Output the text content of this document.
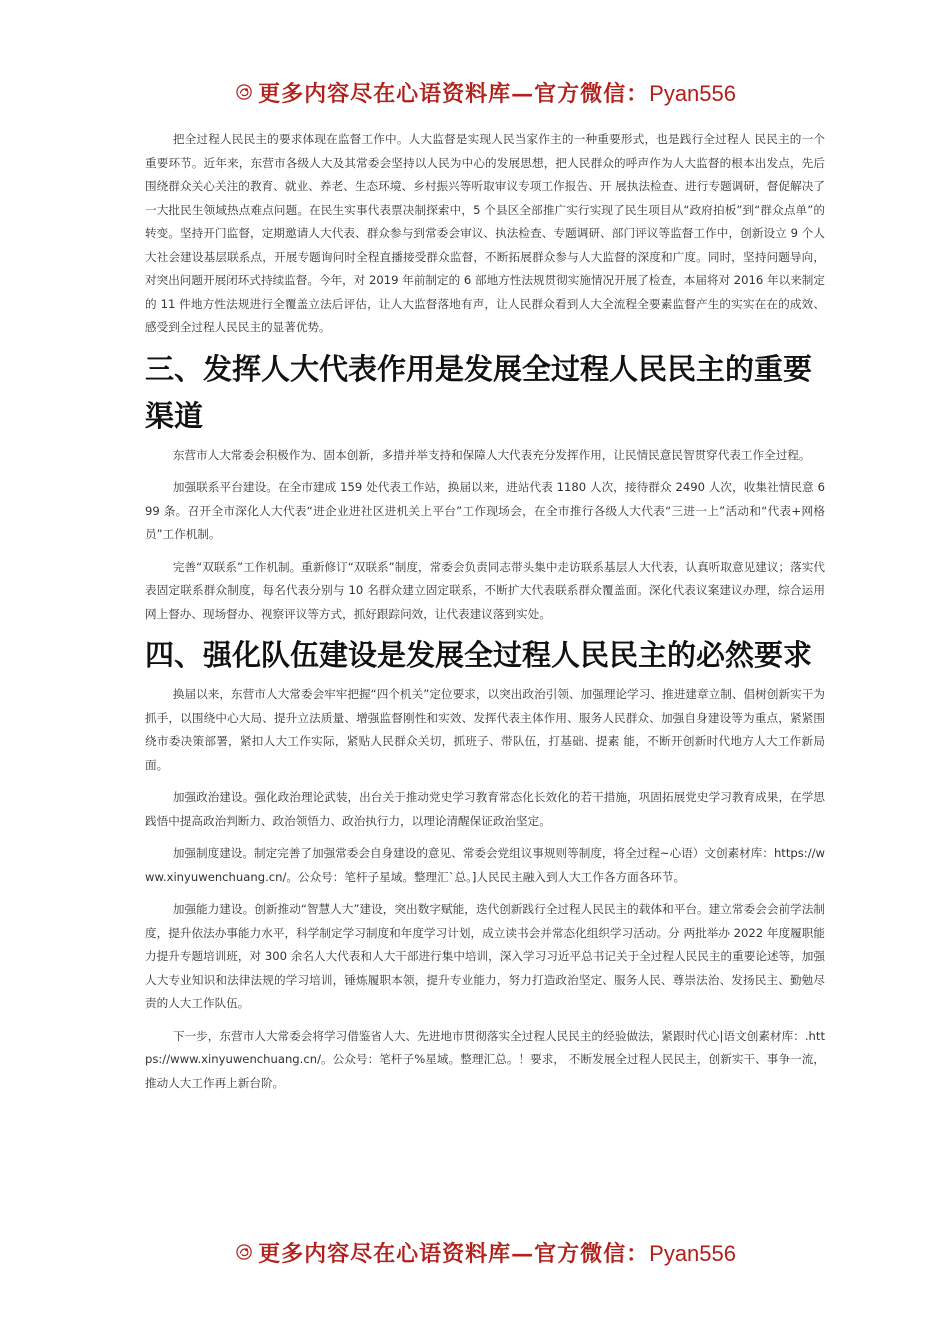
更多内容尽在心语资料库—官方微信：Pyan556

把全过程人民民主的要求体现在监督工作中。人大监督是实现人民当家作主的一种重要形式，也是践行全过程人 民民主的一个重要环节。近年来，东营市各级人大及其常委会坚持以人民为中心的发展思想，把人民群众的呼声作为人大监督的根本出发点，先后围绕群众关心关注的教育、就业、养老、生态环境、乡村振兴等听取审议专项工作报告、开 展执法检查、进行专题调研，督促解决了一大批民生领域热点难点问题。在民生实事代表票决制探索中，5 个县区全部推广实行实现了民生项目从“政府拍板”到“群众点单”的转变。坚持开门监督，定期邀请人大代表、群众参与到常委会审议、执法检查、专题调研、部门评议等监督工作中，创新设立 9 个人大社会建设基层联系点，开展专题询问时全程直播接受群众监督，不断拓展群众参与人大监督的深度和广度。同时，坚持问题导向，对突出问题开展闭环式持续监督。今年，对 2019 年前制定的 6 部地方性法规贯彻实施情况开展了检查，本届将对 2016 年以来制定的 11 件地方性法规进行全覆盖立法后评估，让人大监督落地有声，让人民群众看到人大全流程全要素监督产生的实实在在的成效、感受到全过程人民民主的显著优势。

三、发挥人大代表作用是发展全过程人民民主的重要渠道

东营市人大常委会积极作为、固本创新，多措并举支持和保障人大代表充分发挥作用，让民情民意民智贯穿代表工作全过程。

加强联系平台建设。在全市建成 159 处代表工作站，换届以来，进站代表 1180 人次，接待群众 2490 人次，收集社情民意 699 条。召开全市深化人大代表“进企业进社区进机关上平台”工作现场会，在全市推行各级人大代表“三进一上”活动和“代表+网格员”工作机制。

完善“双联系”工作机制。重新修订“双联系”制度，常委会负责同志带头集中走访联系基层人大代表，认真听取意见建议；落实代表固定联系群众制度，每名代表分别与 10 名群众建立固定联系，不断扩大代表联系群众覆盖面。深化代表议案建议办理，综合运用网上督办、现场督办、视察评议等方式，抓好跟踪问效，让代表建议落到实处。

四、强化队伍建设是发展全过程人民民主的必然要求

换届以来，东营市人大常委会牢牢把握“四个机关”定位要求，以突出政治引领、加强理论学习、推进建章立制、倡树创新实干为抓手，以围绕中心大局、提升立法质量、增强监督刚性和实效、发挥代表主体作用、服务人民群众、加强自身建设等为重点，紧紧围绕市委决策部署，紧扣人大工作实际，紧贴人民群众关切，抓班子、带队伍，打基础、提素 能，不断开创新时代地方人大工作新局面。

加强政治建设。强化政治理论武装，出台关于推动党史学习教育常态化长效化的若干措施，巩固拓展党史学习教育成果，在学思践悟中提高政治判断力、政治领悟力、政治执行力，以理论清醒保证政治坚定。

加强制度建设。制定完善了加强常委会自身建设的意见、常委会党组议事规则等制度，将全过程~心语）文创素材库：https://www.xinyuwenchuang.cn/。公众号：笔杆子星域。整理汇`总。]人民民主融入到人大工作各方面各环节。

加强能力建设。创新推动“智慧人大”建设，突出数字赋能，迭代创新践行全过程人民民主的载体和平台。建立常委会会前学法制度，提升依法办事能力水平，科学制定学习制度和年度学习计划，成立读书会并常态化组织学习活动。分 两批举办 2022 年度履职能力提升专题培训班，对 300 余名人大代表和人大干部进行集中培训，深入学习习近平总书记关于全过程人民民主的重要论述等，加强人大专业知识和法律法规的学习培训，锤炼履职本领，提升专业能力，努力打造政治坚定、服务人民、尊崇法治、发扬民主、勤勉尽责的人大工作队伍。

下一步，东营市人大常委会将学习借鉴省人大、先进地市贯彻落实全过程人民民主的经验做法，紧跟时代心|语文创素材库：.https://www.xinyuwenchuang.cn/。公众号：笔杆子%星域。整理汇总。！要求， 不断发展全过程人民民主，创新实干、事争一流，推动人大工作再上新台阶。

更多内容尽在心语资料库—官方微信：Pyan556
